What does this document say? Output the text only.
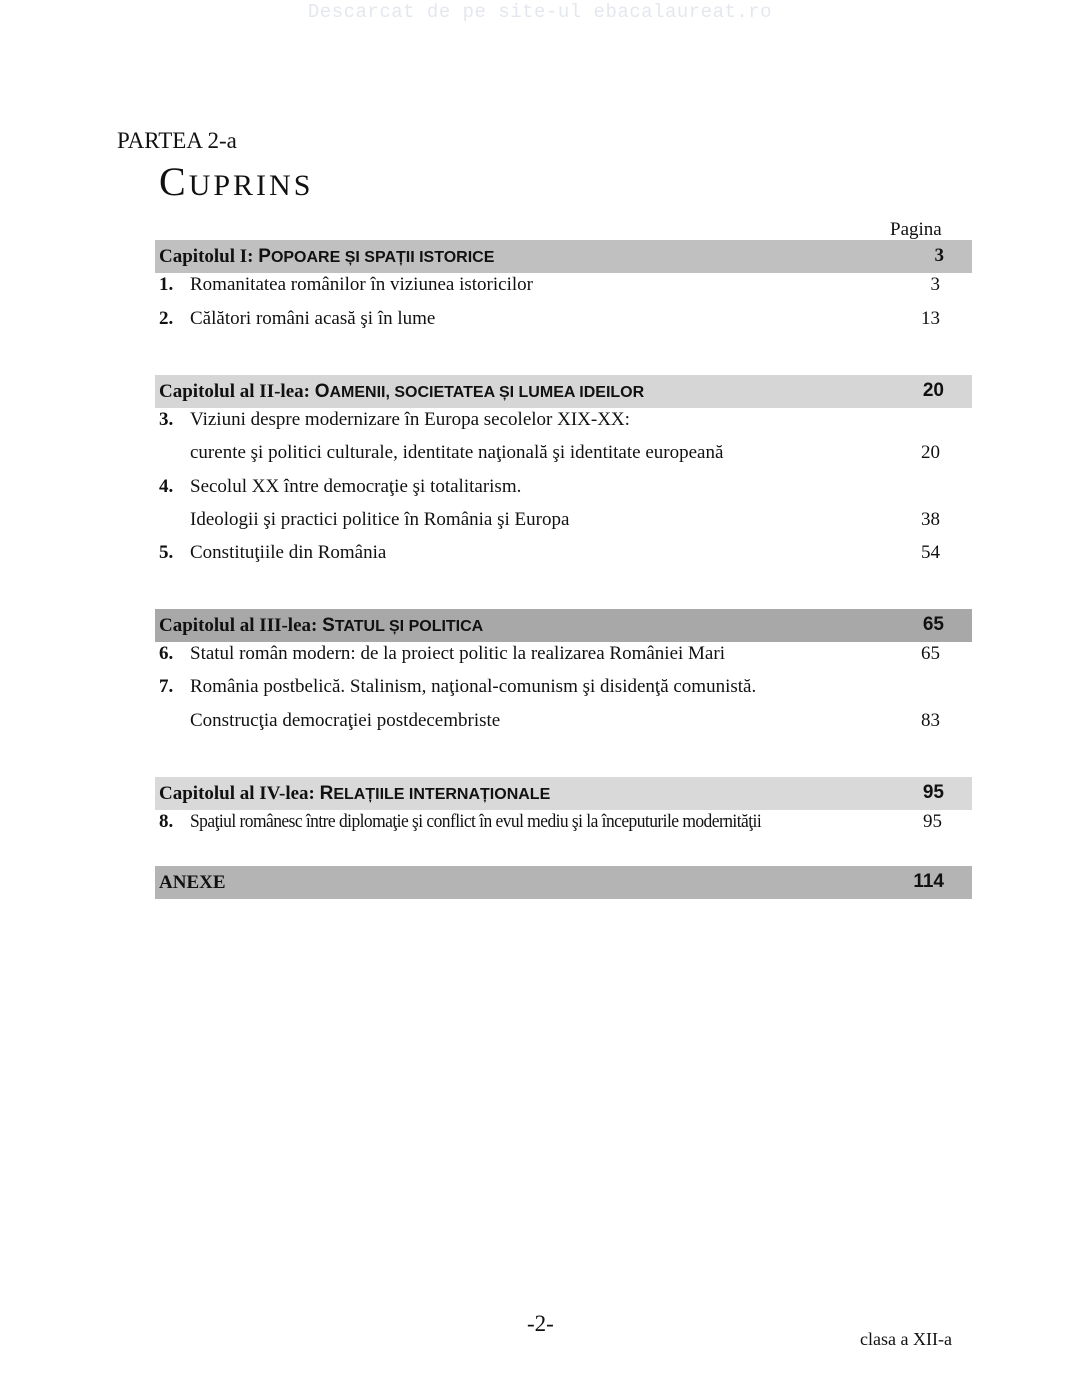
Descarcat de pe site-ul ebacalaureat.ro
PARTEA 2-a
CUPRINS
Pagina
Capitolul I: POPOARE ȘI SPAȚII ISTORICE	3
1. Romanitatea românilor în viziunea istoricilor	3
2. Călători români acasă şi în lume	13
Capitolul al II-lea: OAMENII, SOCIETATEA ȘI LUMEA IDEILOR	20
3. Viziuni despre modernizare în Europa secolelor XIX-XX:
curente şi politici culturale, identitate naţională şi identitate europeană	20
4. Secolul XX între democraţie şi totalitarism.
Ideologii şi practici politice în România şi Europa	38
5. Constituţiile din România	54
Capitolul al III-lea: STATUL ȘI POLITICA	65
6. Statul român modern: de la proiect politic la realizarea României Mari	65
7. România postbelică. Stalinism, naţional-comunism şi disidenţă comunistă.
Construcţia democraţiei postdecembriste	83
Capitolul al IV-lea: RELAȚIILE INTERNAȚIONALE	95
8. Spaţiul românesc între diplomaţie şi conflict în evul mediu şi la începuturile modernităţii	95
ANEXE	114
-2-
clasa a XII-a
